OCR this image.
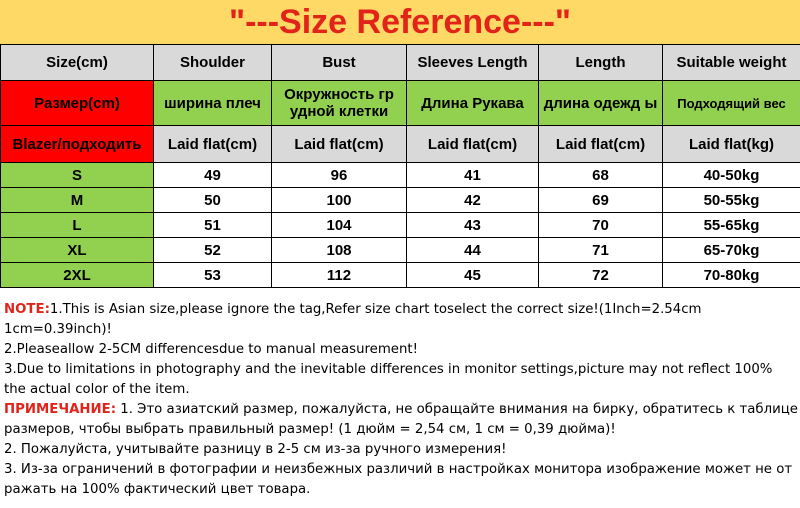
"---Size Reference---"
Size(cm)	Shoulder	Bust	Sleeves Length	Length	Suitable weight
Размер(cm)	ширина плеч	Окружность гр удной клетки	Длина Рукава	длина одежд ы	Подходящий вес
Blazer/подходить	Laid flat(cm)	Laid flat(cm)	Laid flat(cm)	Laid flat(cm)	Laid flat(kg)
S	49	96	41	68	40-50kg
M	50	100	42	69	50-55kg
L	51	104	43	70	55-65kg
XL	52	108	44	71	65-70kg
2XL	53	112	45	72	70-80kg

NOTE:1.This is Asian size,please ignore the tag,Refer size chart toselect the correct size!(1Inch=2.54cm 1cm=0.39inch)!

2.Pleaseallow 2-5CM differencesdue to manual measurement!

3.Due to limitations in photography and the inevitable differences in monitor settings,picture may not reflect 100% the actual color of the item.

ПРИМЕЧАНИЕ: 1. Это азиатский размер, пожалуйста, не обращайте внимания на бирку, обратитесь к таблице размеров, чтобы выбрать правильный размер! (1 дюйм = 2,54 см, 1 см = 0,39 дюйма)!

2. Пожалуйста, учитывайте разницу в 2-5 см из-за ручного измерения!

3. Из-за ограничений в фотографии и неизбежных различий в настройках монитора изображение может не от ражать на 100% фактический цвет товара.
